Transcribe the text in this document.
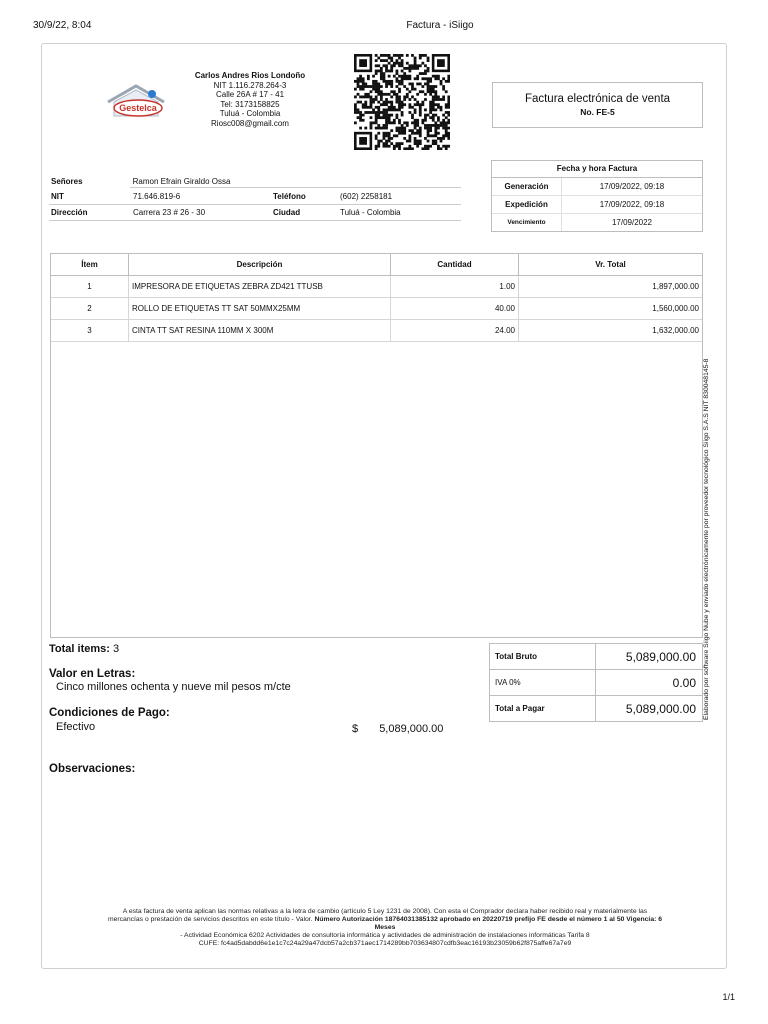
30/9/22, 8:04	Factura - iSiigo
Gestelca
Carlos Andres Rios Londoño
NIT 1.116.278.264-3
Calle 26A # 17 - 41
Tel: 3173158825
Tuluá - Colombia
Riosc008@gmail.com
Factura electrónica de venta
No. FE-5
Señores	Ramon Efrain Giraldo Ossa
NIT	71.646.819-6	Teléfono	(602) 2258181
Dirección	Carrera 23 # 26 - 30	Ciudad	Tuluá - Colombia
Fecha y hora Factura
Generación	17/09/2022, 09:18
Expedición	17/09/2022, 09:18
Vencimiento	17/09/2022
Ítem	Descripción	Cantidad	Vr. Total
1	IMPRESORA DE ETIQUETAS ZEBRA ZD421 TTUSB	1.00	1,897,000.00
2	ROLLO DE ETIQUETAS TT SAT 50MMX25MM	40.00	1,560,000.00
3	CINTA TT SAT RESINA 110MM X 300M	24.00	1,632,000.00
Elaborado por software Siigo Nube y enviado electrónicamente por proveedor tecnológico Siigo S.A.S NIT 830048145-8
Total items: 3
Valor en Letras:
Cinco millones ochenta y nueve mil pesos m/cte
Condiciones de Pago:
Efectivo	$ 5,089,000.00
Observaciones:
Total Bruto	5,089,000.00
IVA 0%	0.00
Total a Pagar	5,089,000.00
A esta factura de venta aplican las normas relativas a la letra de cambio (artículo 5 Ley 1231 de 2008). Con esta el Comprador declara haber recibido real y materialmente las
mercancías o prestación de servicios descritos en este título - Valor. Número Autorización 18764031385132 aprobado en 20220719 prefijo FE desde el número 1 al 50 Vigencia: 6
Meses
- Actividad Económica 6202 Actividades de consultoría informática y actividades de administración de instalaciones informáticas Tarifa 8
CUFE: fc4ad5dabdd6e1e1c7c24a29a47dcb57a2cb371aec1714289bb703634807cdfb3eac16193b23059b62f875affe67a7e9
1/1
